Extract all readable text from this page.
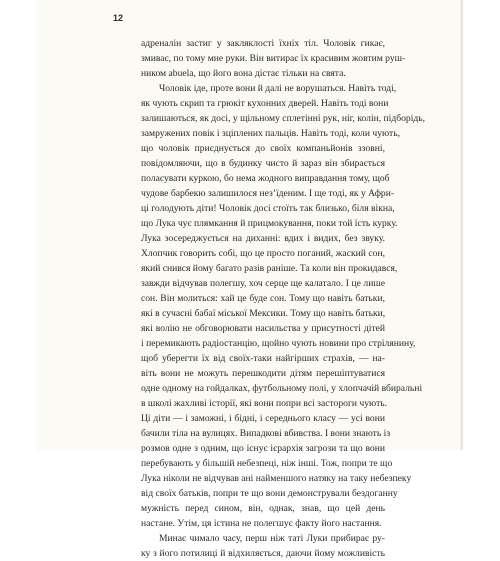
12
адреналін застиг у закляклості їхніх тіл. Чоловік гикає,
змиває, по тому мне руки. Він витирає їх красивим жовтим руш-
ником abuela, що його вона дістає тільки на свята.
Чоловік іде, проте вони й далі не ворушаться. Навіть тоді,
як чують скрип та грюкіт кухонних дверей. Навіть тоді вони
залишаються, як досі, у щільному сплетінні рук, ніг, колін, підборідь,
замружених повік і зціплених пальців. Навіть тоді, коли чують,
що чоловік приєднується до своїх компаньйонів ззовні,
повідомляючи, що в будинку чисто й зараз він збирається
поласувати куркою, бо нема жодного виправдання тому, щоб
чудове барбекю залишилося незʼїденим. І ще тоді, як у Афри-
ці голодують діти! Чоловік досі стоїть так близько, біля вікна,
що Лука чує плямкання й прицмокування, поки той їсть курку.
Лука зосереджується на диханні: вдих і видих, без звуку.
Хлопчик говорить собі, що це просто поганий, жаский сон,
який снився йому багато разів раніше. Та коли він прокидався,
завжди відчував полегшу, хоч серце ще калатало. І це лише
сон. Він молиться: хай це буде сон. Тому що навіть батьки,
які в сучасні бабаї міської Мексики. Тому що навіть батьки,
які волію не обговорювати насильства у присутності дітей
і перемикають радіостанцію, щойно чують новини про стрілянину,
щоб уберегти їх від своїх-таки найгірших страхів, — на-
віть вони не можуть перешкодити дітям перешіптуватися
одне одному на гойдалках, футбольному полі, у хлопчачій вбиральні
в школі жахливі історії, які вони попри всі застороги чують.
Ці діти — і заможні, і бідні, і середнього класу — усі вони
бачили тіла на вулицях. Випадкові вбивства. І вони знають із
розмов одне з одним, що існує ієрархія загрози та що вони
перебувають у більшій небезпеці, ніж інші. Тож, попри те що
Лука ніколи не відчував ані найменшого натяку на таку небезпеку
від своїх батьків, попри те що вони демонстрували бездоганну
мужність перед сином, він, однак, знав, що цей день
настане. Утім, ця істина не полегшує факту його настання.
Минає чимало часу, перш ніж таті Луки прибирає ру-
ку з його потилиці й відхиляється, даючи йому можливість
